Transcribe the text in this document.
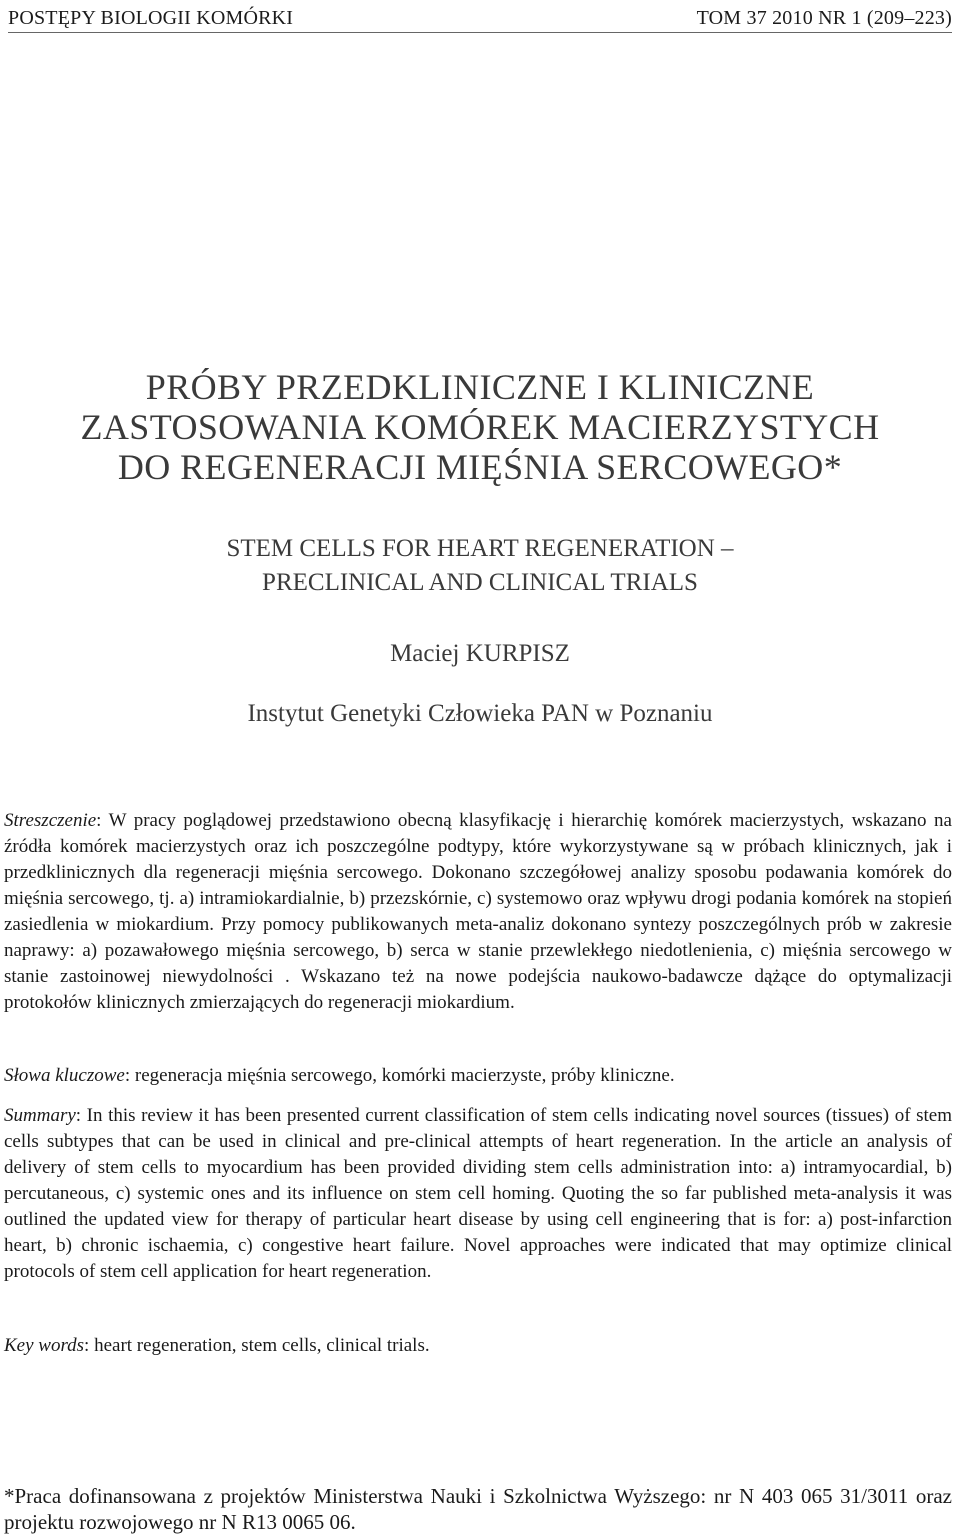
POSTĘPY BIOLOGII KOMÓRKI	TOM 37 2010 NR 1 (209–223)
PRÓBY PRZEDKLINICZNE I KLINICZNE
ZASTOSOWANIA KOMÓREK MACIERZYSTYCH
DO REGENERACJI MIĘŚNIA SERCOWEGO*
STEM CELLS FOR HEART REGENERATION –
PRECLINICAL AND CLINICAL TRIALS
Maciej KURPISZ
Instytut Genetyki Człowieka PAN w Poznaniu
Streszczenie: W pracy poglądowej przedstawiono obecną klasyfikację i hierarchię komórek macierzystych, wskazano na źródła komórek macierzystych oraz ich poszczególne podtypy, które wykorzystywane są w próbach klinicznych, jak i przedklinicznych dla regeneracji mięśnia sercowego. Dokonano szczegółowej analizy sposobu podawania komórek do mięśnia sercowego, tj. a) intramiokardialnie, b) przezskórnie, c) systemowo oraz wpływu drogi podania komórek na stopień zasiedlenia w miokardium. Przy pomocy publikowanych meta-analiz dokonano syntezy poszczególnych prób w zakresie naprawy: a) pozawałowego mięśnia sercowego, b) serca w stanie przewlekłego niedotlenienia, c) mięśnia sercowego w stanie zastoinowej niewydolności . Wskazano też na nowe podejścia naukowo-badawcze dążące do optymalizacji protokołów klinicznych zmierzających do regeneracji miokardium.
Słowa kluczowe: regeneracja mięśnia sercowego, komórki macierzyste, próby kliniczne.
Summary: In this review it has been presented current classification of stem cells indicating novel sources (tissues) of stem cells subtypes that can be used in clinical and pre-clinical attempts of heart regeneration. In the article an analysis of delivery of stem cells to myocardium has been provided dividing stem cells administration into: a) intramyocardial, b) percutaneous, c) systemic ones and its influence on stem cell homing. Quoting the so far published meta-analysis it was outlined the updated view for therapy of particular heart disease by using cell engineering that is for: a) post-infarction heart, b) chronic ischaemia, c) congestive heart failure. Novel approaches were indicated that may optimize clinical protocols of stem cell application for heart regeneration.
Key words: heart regeneration, stem cells, clinical trials.
*Praca dofinansowana z projektów Ministerstwa Nauki i Szkolnictwa Wyższego: nr N 403 065 31/3011 oraz projektu rozwojowego nr N R13 0065 06.
